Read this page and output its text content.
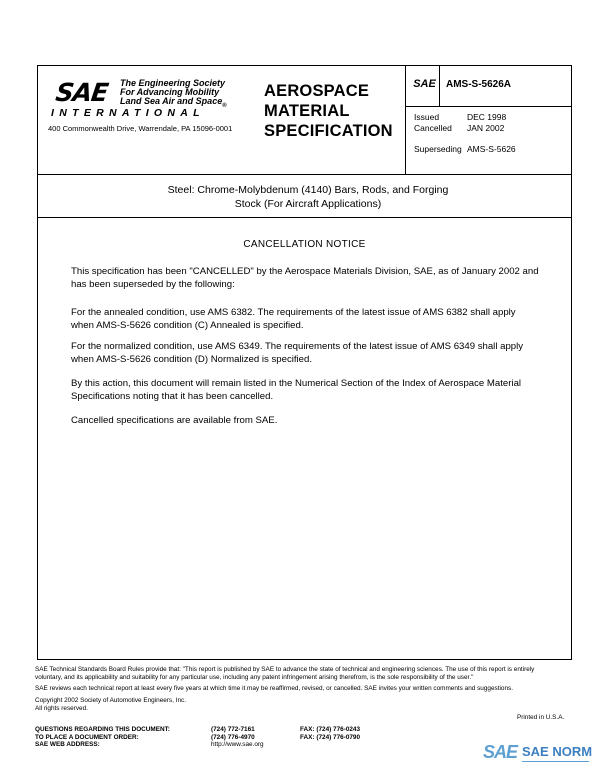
SAE The Engineering Society
For Advancing Mobility
Land Sea Air and Space$_®$
INTERNATIONAL
400 Commonwealth Drive, Warrendale, PA 15096-0001
AEROSPACE
MATERIAL
SPECIFICATION
SAE AMS-S-5626A
Issued	DEC 1998
Cancelled JAN 2002
Superseding AMS-S-5626
Steel: Chrome-Molybdenum (4140) Bars, Rods, and Forging
Stock (For Aircraft Applications)
CANCELLATION NOTICE
This specification has been "CANCELLED" by the Aerospace Materials Division, SAE, as of January 2002 and has been superseded by the following:
For the annealed condition, use AMS 6382. The requirements of the latest issue of AMS 6382 shall apply when AMS-S-5626 condition (C) Annealed is specified.
For the normalized condition, use AMS 6349. The requirements of the latest issue of AMS 6349 shall apply when AMS-S-5626 condition (D) Normalized is specified.
By this action, this document will remain listed in the Numerical Section of the Index of Aerospace Material Specifications noting that it has been cancelled.
Cancelled specifications are available from SAE.
SAE Technical Standards Board Rules provide that: "This report is published by SAE to advance the state of technical and engineering sciences. The use of this report is entirely
voluntary, and its applicability and suitability for any particular use, including any patent infringement arising therefrom, is the sole responsibility of the user."
SAE reviews each technical report at least every five years at which time it may be reaffirmed, revised, or cancelled. SAE invites your written comments and suggestions.
Copyright 2002 Society of Automotive Engineers, Inc.
All rights reserved.
Printed in U.S.A.
QUESTIONS REGARDING THIS DOCUMENT:
TO PLACE A DOCUMENT ORDER:
SAE WEB ADDRESS:
(724) 772-7161
(724) 776-4970
http://www.sae.org
FAX: (724) 776-0243
FAX: (724) 776-0790
SAE SAE NORM
